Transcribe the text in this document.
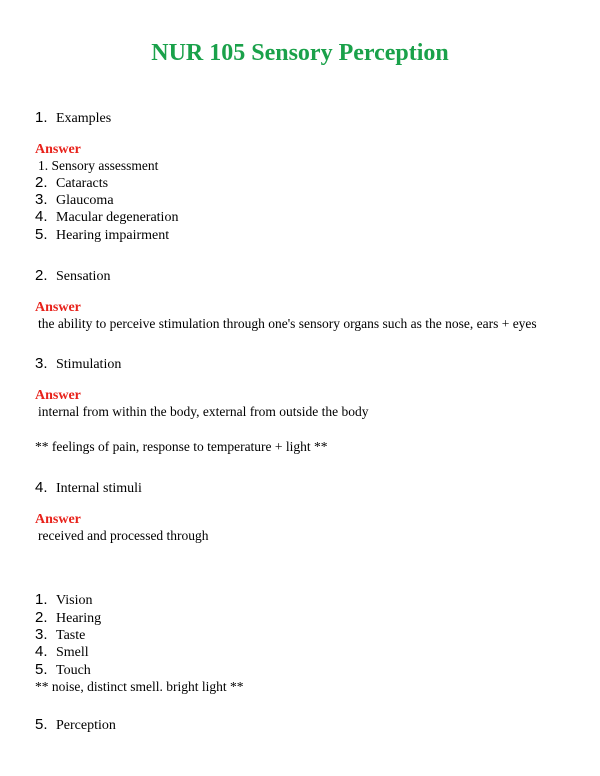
NUR 105 Sensory Perception
1. Examples
Answer
1. Sensory assessment
2. Cataracts
3. Glaucoma
4. Macular degeneration
5. Hearing impairment
2. Sensation
Answer
the ability to perceive stimulation through one's sensory organs such as the nose, ears + eyes
3. Stimulation
Answer
internal from within the body, external from outside the body
** feelings of pain, response to temperature + light **
4. Internal stimuli
Answer
received and processed through
1. Vision
2. Hearing
3. Taste
4. Smell
5. Touch
** noise, distinct smell. bright light **
5. Perception
